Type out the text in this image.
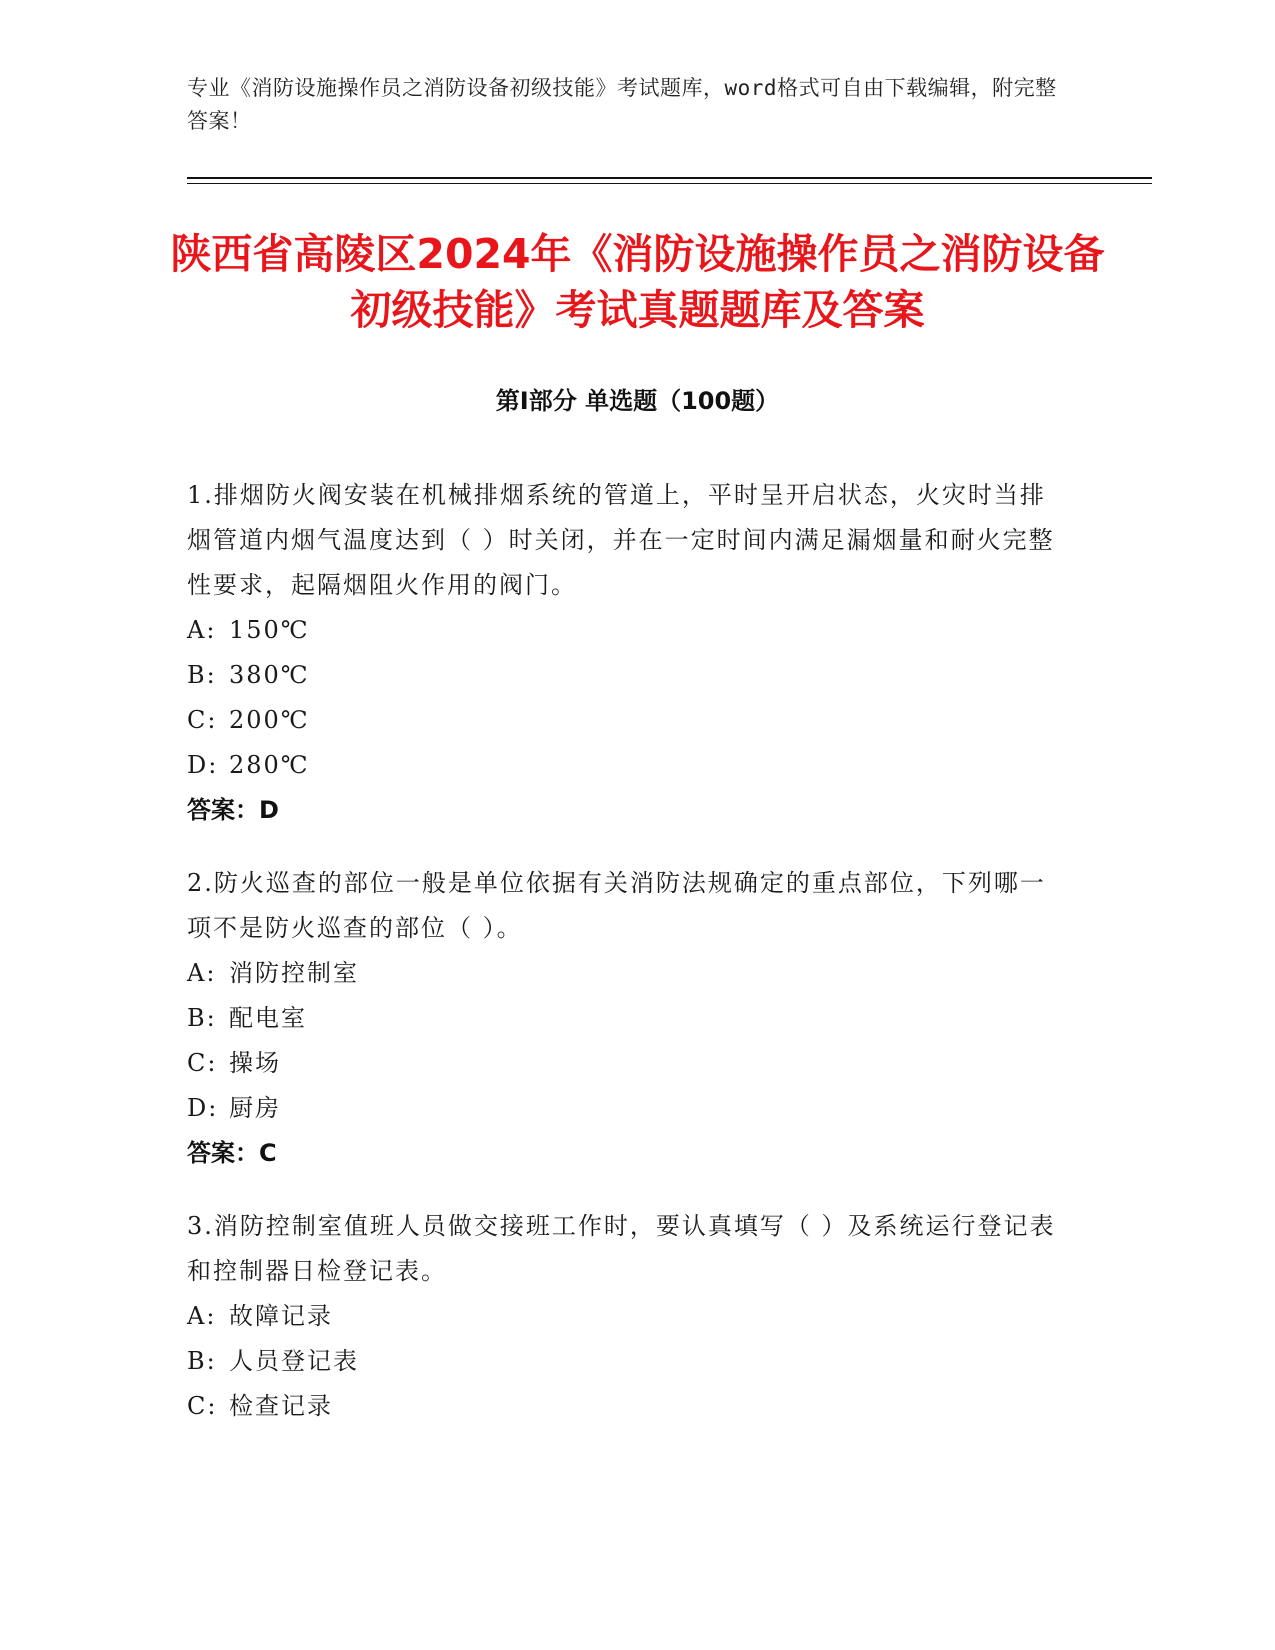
专业《消防设施操作员之消防设备初级技能》考试题库，word格式可自由下载编辑，附完整答案！
陕西省高陵区2024年《消防设施操作员之消防设备初级技能》考试真题题库及答案
第Ⅰ部分 单选题（100题）
1.排烟防火阀安装在机械排烟系统的管道上，平时呈开启状态，火灾时当排烟管道内烟气温度达到（ ）时关闭，并在一定时间内满足漏烟量和耐火完整性要求，起隔烟阻火作用的阀门。
A: 150℃
B: 380℃
C: 200℃
D: 280℃
答案：D
2.防火巡查的部位一般是单位依据有关消防法规确定的重点部位，下列哪一项不是防火巡查的部位（ ）。
A: 消防控制室
B: 配电室
C: 操场
D: 厨房
答案：C
3.消防控制室值班人员做交接班工作时，要认真填写（ ）及系统运行登记表和控制器日检登记表。
A: 故障记录
B: 人员登记表
C: 检查记录
